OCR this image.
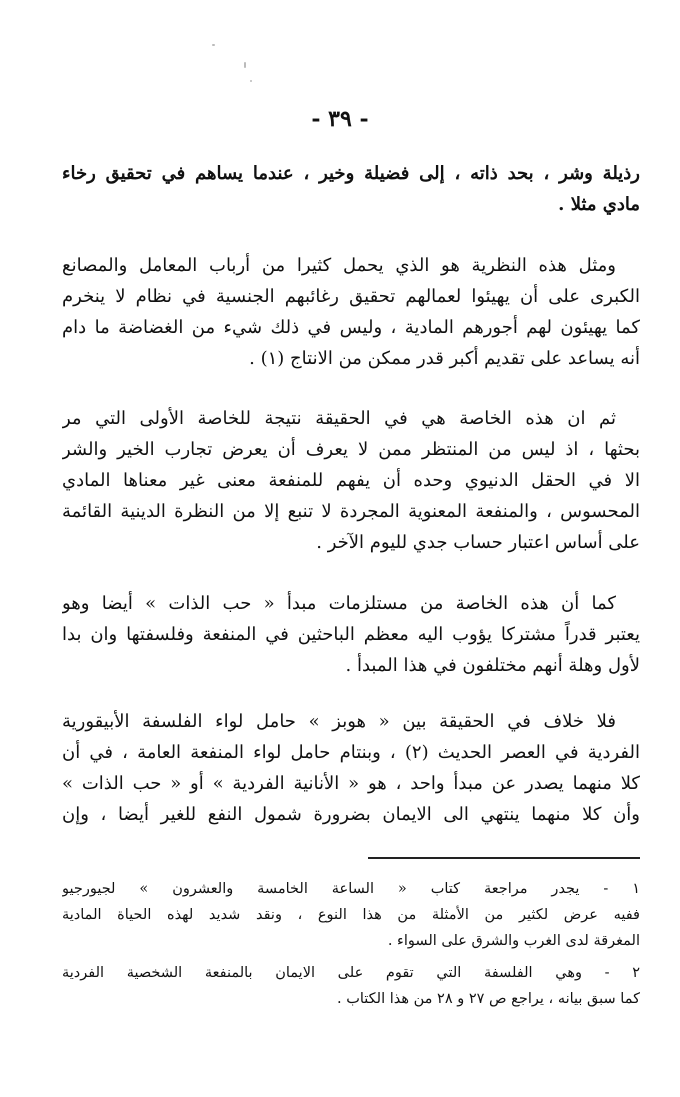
- ٣٩ -
رذيلة وشر ، بحد ذاته ، إلى فضيلة وخير ، عندما يساهم في تحقيق رخاء
مادي مثلا .
ومثل هذه النظرية هو الذي يحمل كثيرا من أرباب المعامل والمصانع
الكبرى على أن يهيئوا لعمالهم تحقيق رغائبهم الجنسية في نظام لا ينخرم
كما يهيئون لهم أجورهم المادية ، وليس في ذلك شيء من الغضاضة ما دام
أنه يساعد على تقديم أكبر قدر ممكن من الانتاج (١) .
ثم ان هذه الخاصة هي في الحقيقة نتيجة للخاصة الأولى التي مر
بحثها ، اذ ليس من المنتظر ممن لا يعرف أن يعرض تجارب الخير والشر
الا في الحقل الدنيوي وحده أن يفهم للمنفعة معنى غير معناها المادي
المحسوس ، والمنفعة المعنوية المجردة لا تنبع إلا من النظرة الدينية القائمة
على أساس اعتبار حساب جدي لليوم الآخر .
كما أن هذه الخاصة من مستلزمات مبدأ « حب الذات » أيضا وهو
يعتبر قدراً مشتركا يؤوب اليه معظم الباحثين في المنفعة وفلسفتها وان بدا
لأول وهلة أنهم مختلفون في هذا المبدأ .
فلا خلاف في الحقيقة بين « هوبز » حامل لواء الفلسفة الأبيقورية
الفردية في العصر الحديث (٢) ، وبنتام حامل لواء المنفعة العامة ، في أن
كلا منهما يصدر عن مبدأ واحد ، هو « الأنانية الفردية » أو « حب الذات »
وأن كلا منهما ينتهي الى الايمان بضرورة شمول النفع للغير أيضا ، وإن
١ - يجدر مراجعة كتاب « الساعة الخامسة والعشرون » لجيورجيو
ففيه عرض لكثير من الأمثلة من هذا النوع ، ونقد شديد لهذه الحياة المادية
المغرقة لدى الغرب والشرق على السواء .
٢ - وهي الفلسفة التي تقوم على الايمان بالمنفعة الشخصية الفردية
كما سبق بيانه ، يراجع ص ٢٧ و ٢٨ من هذا الكتاب .
